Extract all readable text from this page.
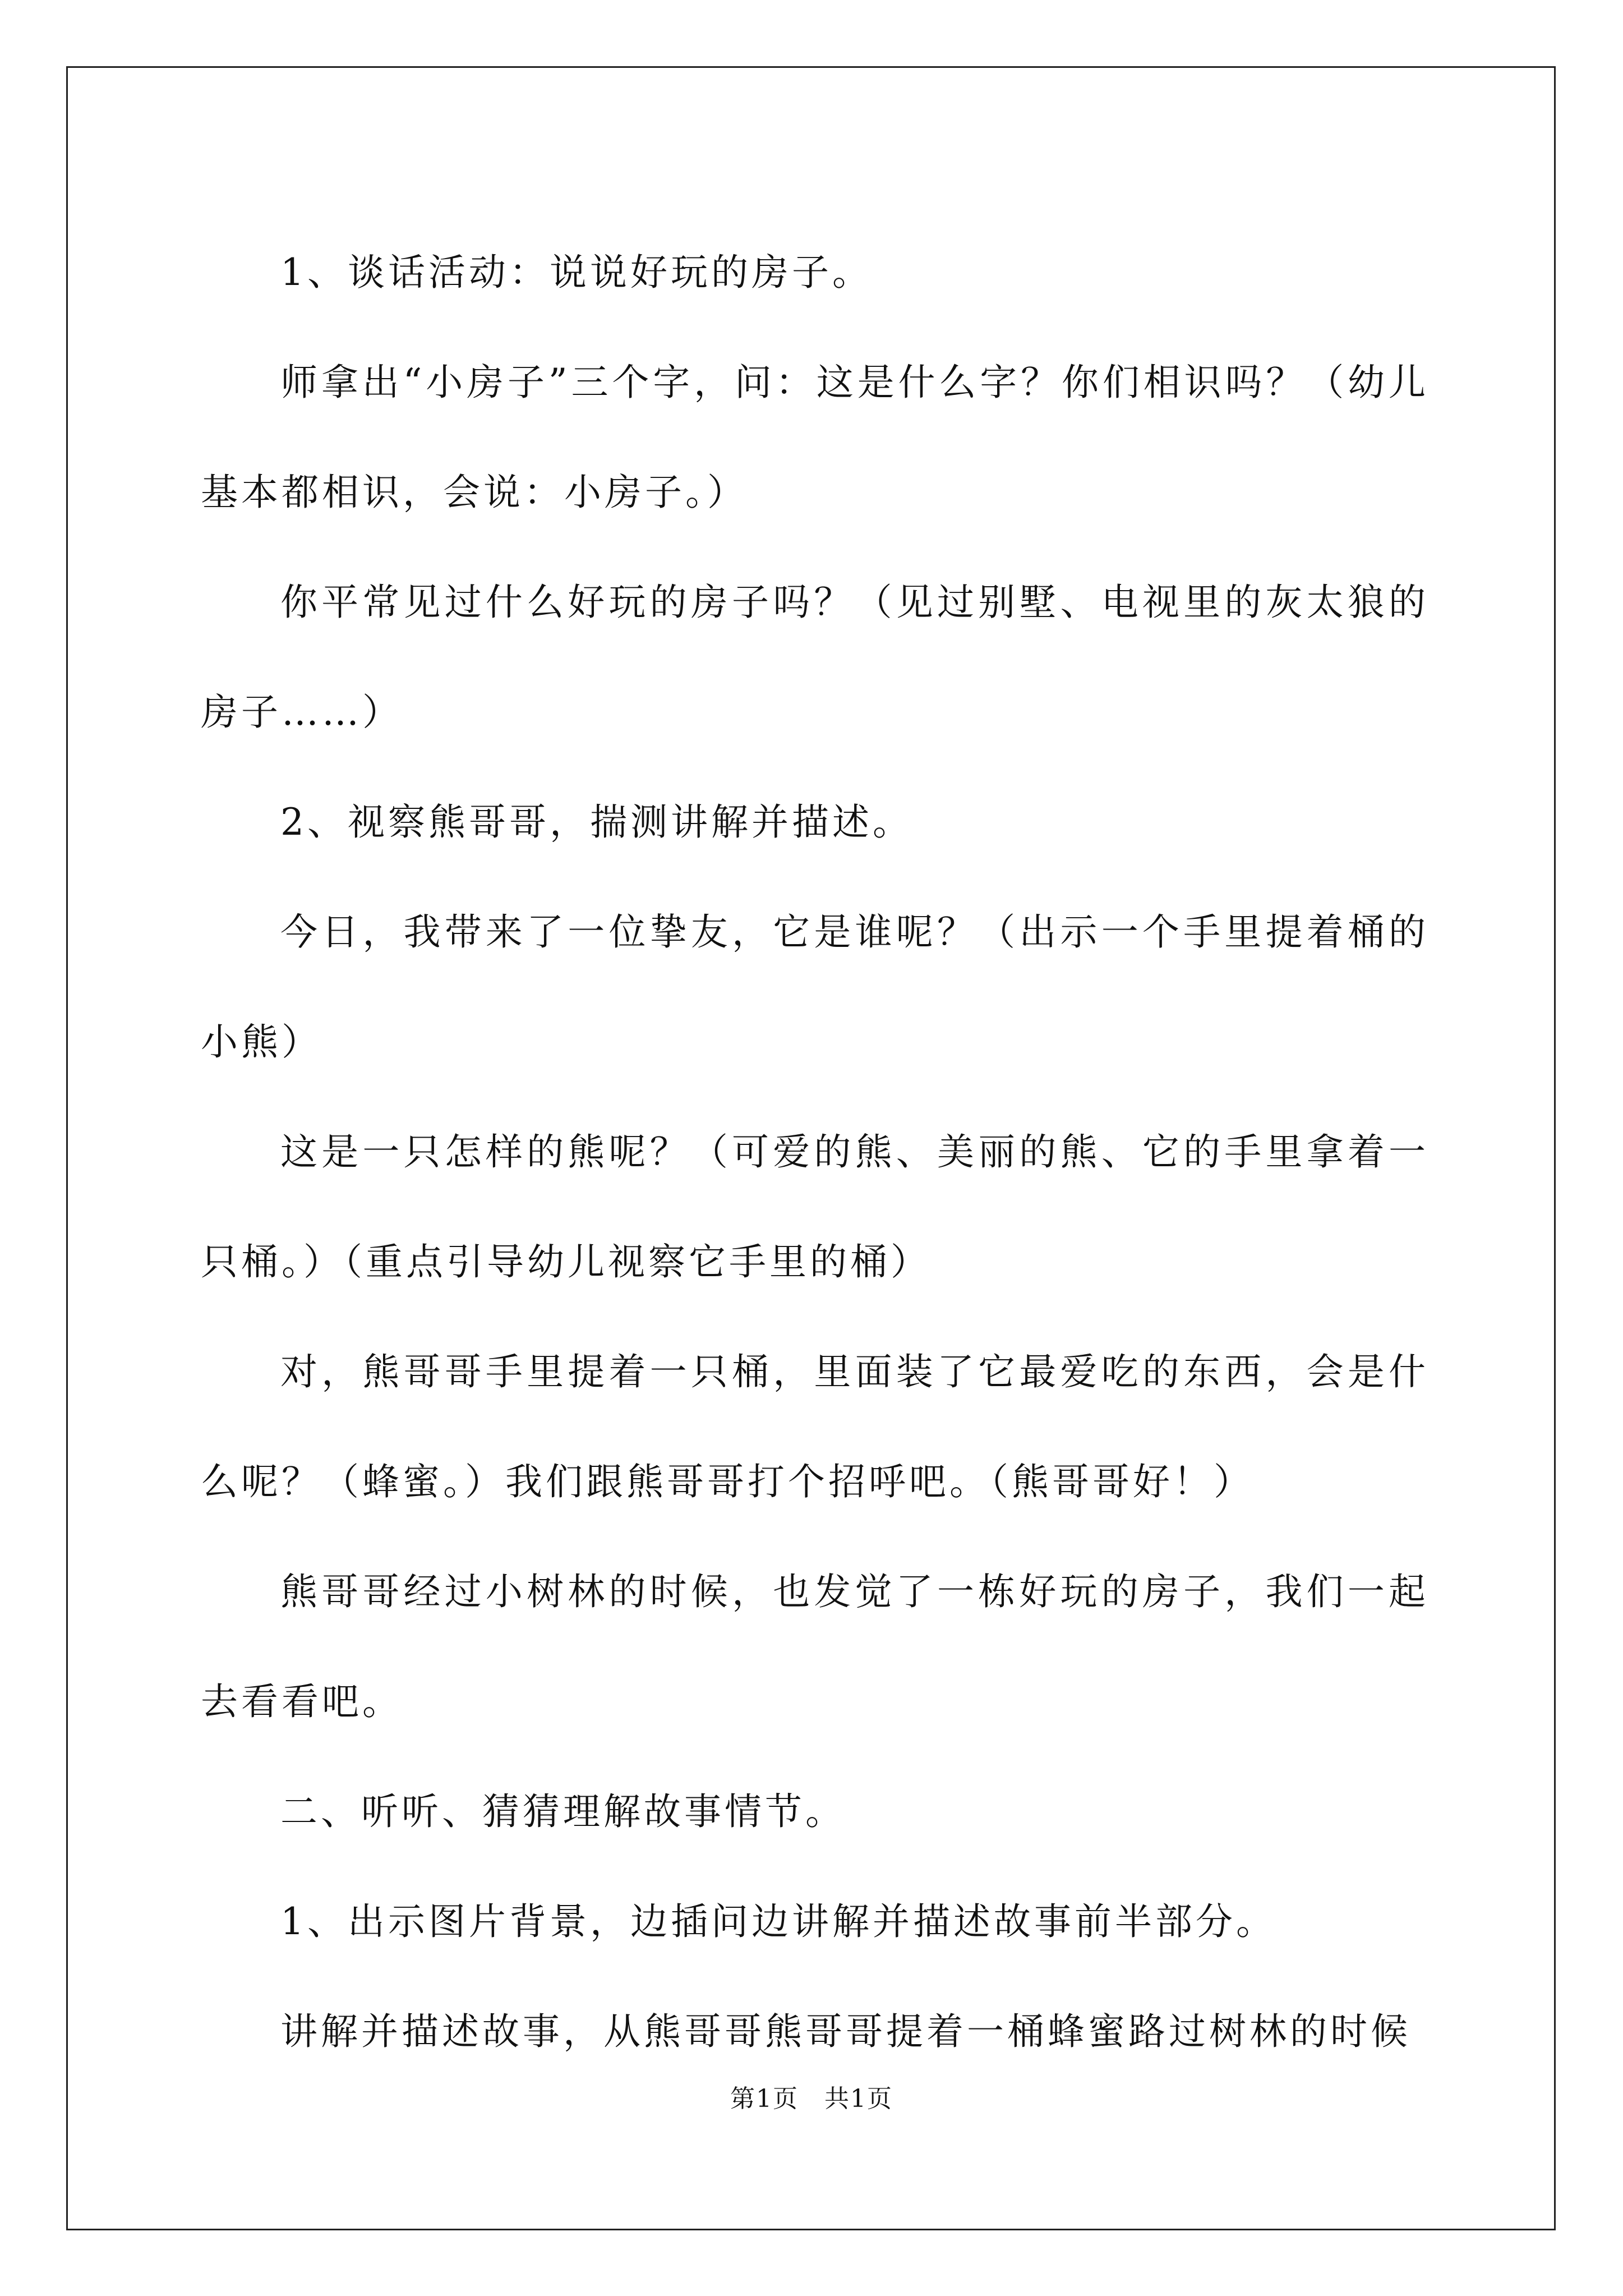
1、谈话活动：说说好玩的房子。

师拿出“小房子”三个字，问：这是什么字？你们相识吗？（幼儿基本都相识，会说：小房子。）

你平常见过什么好玩的房子吗？（见过别墅、电视里的灰太狼的房子……）

2、视察熊哥哥，揣测讲解并描述。

今日，我带来了一位挚友，它是谁呢？（出示一个手里提着桶的小熊）

这是一只怎样的熊呢？（可爱的熊、美丽的熊、它的手里拿着一只桶。）（重点引导幼儿视察它手里的桶）

对，熊哥哥手里提着一只桶，里面装了它最爱吃的东西，会是什么呢？（蜂蜜。）我们跟熊哥哥打个招呼吧。（熊哥哥好！）

熊哥哥经过小树林的时候，也发觉了一栋好玩的房子，我们一起去看看吧。

二、听听、猜猜理解故事情节。

1、出示图片背景，边插问边讲解并描述故事前半部分。

讲解并描述故事，从熊哥哥熊哥哥提着一桶蜂蜜路过树林的时候

第1页　共1页
